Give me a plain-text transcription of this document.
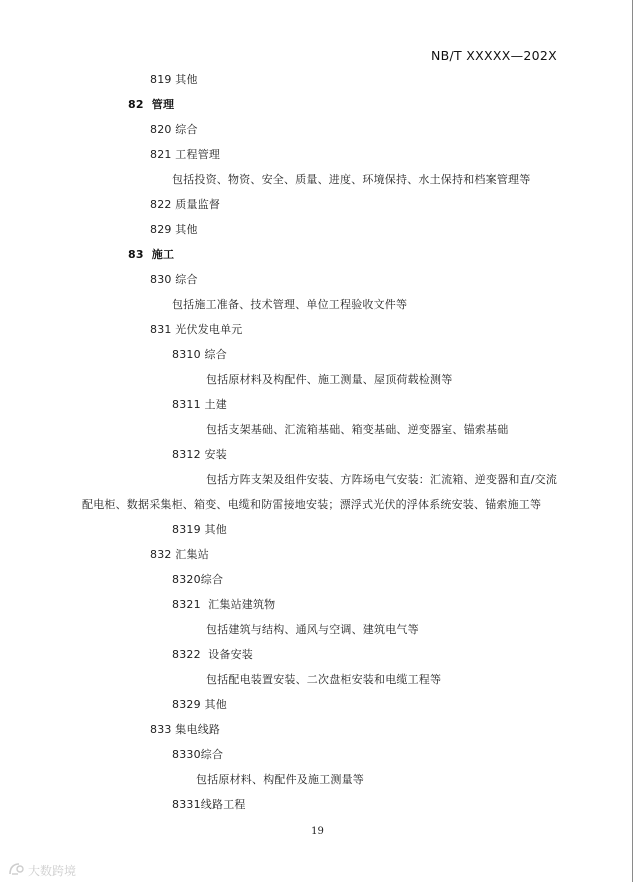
NB/T XXXXX—202X
819 其他
82  管理
820 综合
821 工程管理
包括投资、物资、安全、质量、进度、环境保持、水土保持和档案管理等
822 质量监督
829 其他
83  施工
830 综合
包括施工准备、技术管理、单位工程验收文件等
831 光伏发电单元
8310 综合
包括原材料及构配件、施工测量、屋顶荷载检测等
8311 土建
包括支架基础、汇流箱基础、箱变基础、逆变器室、锚索基础
8312 安装
包括方阵支架及组件安装、方阵场电气安装：汇流箱、逆变器和直/交流
配电柜、数据采集柜、箱变、电缆和防雷接地安装；漂浮式光伏的浮体系统安装、锚索施工等
8319 其他
832 汇集站
8320综合
8321  汇集站建筑物
包括建筑与结构、通风与空调、建筑电气等
8322  设备安装
包括配电装置安装、二次盘柜安装和电缆工程等
8329 其他
833 集电线路
8330综合
包括原材料、构配件及施工测量等
8331线路工程
19
大数跨境
